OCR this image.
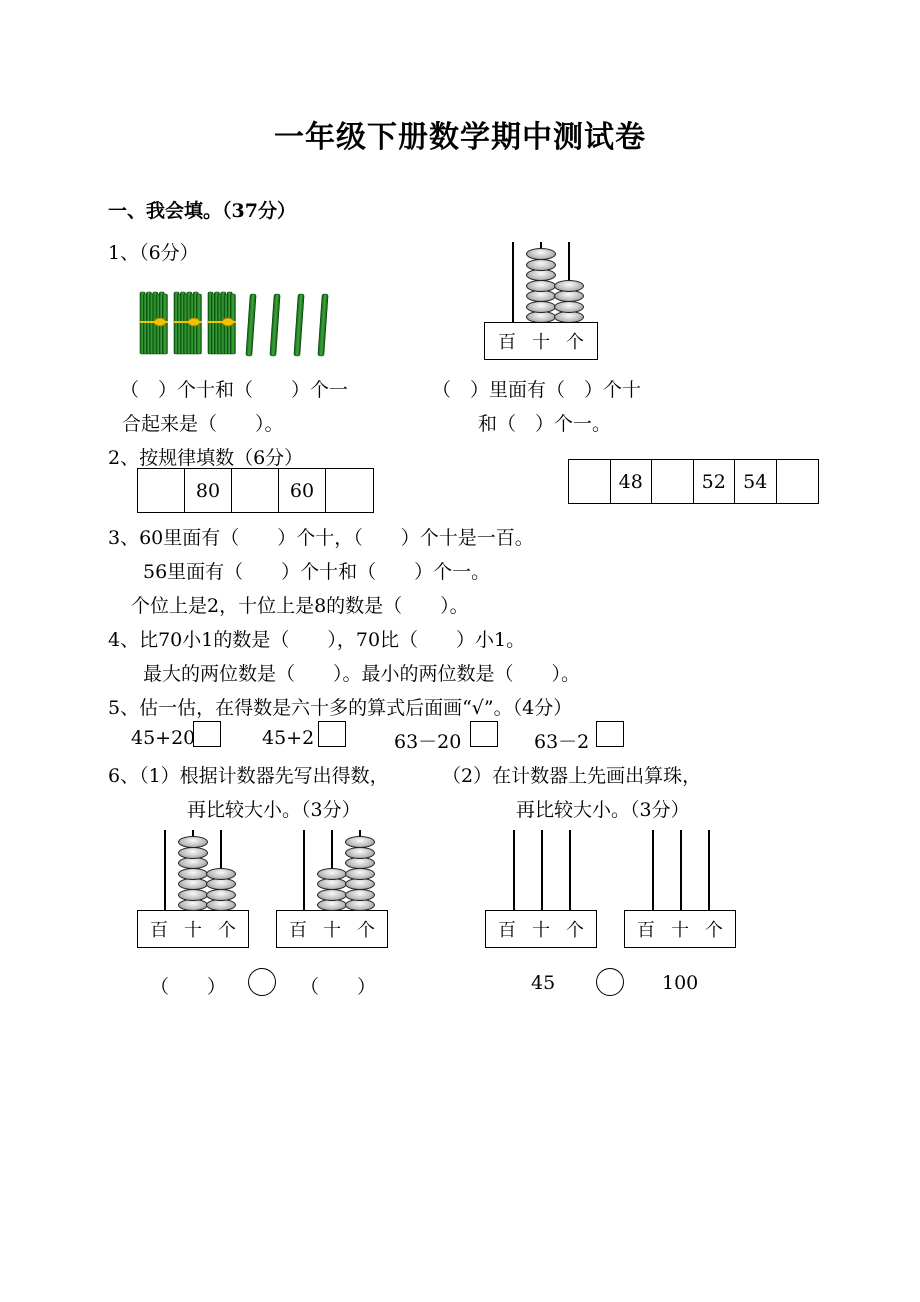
一年级下册数学期中测试卷
一、我会填。（37分）
1、（6分）
百 十 个
（　）个十和（　　）个一
合起来是（　　）。
（　）里面有（　）个十
和（　）个一。
2、按规律填数（6分）
80	60	48	52 54
3、60里面有（　　）个十，（　　）个十是一百。
56里面有（　　）个十和（　　）个一。
个位上是2，十位上是8的数是（　　）。
4、比70小1的数是（　　），70比（　　）小1。
最大的两位数是（　　）。最小的两位数是（　　）。
5、估一估，在得数是六十多的算式后面画“√”。（4分）
45+20	45+2	63－20	63－2
6、（1）根据计数器先写出得数，	（2）在计数器上先画出算珠，
再比较大小。（3分）	再比较大小。（3分）
百 十 个	百 十 个	百 十 个	百 十 个
（　　）	（　　）	45	100
